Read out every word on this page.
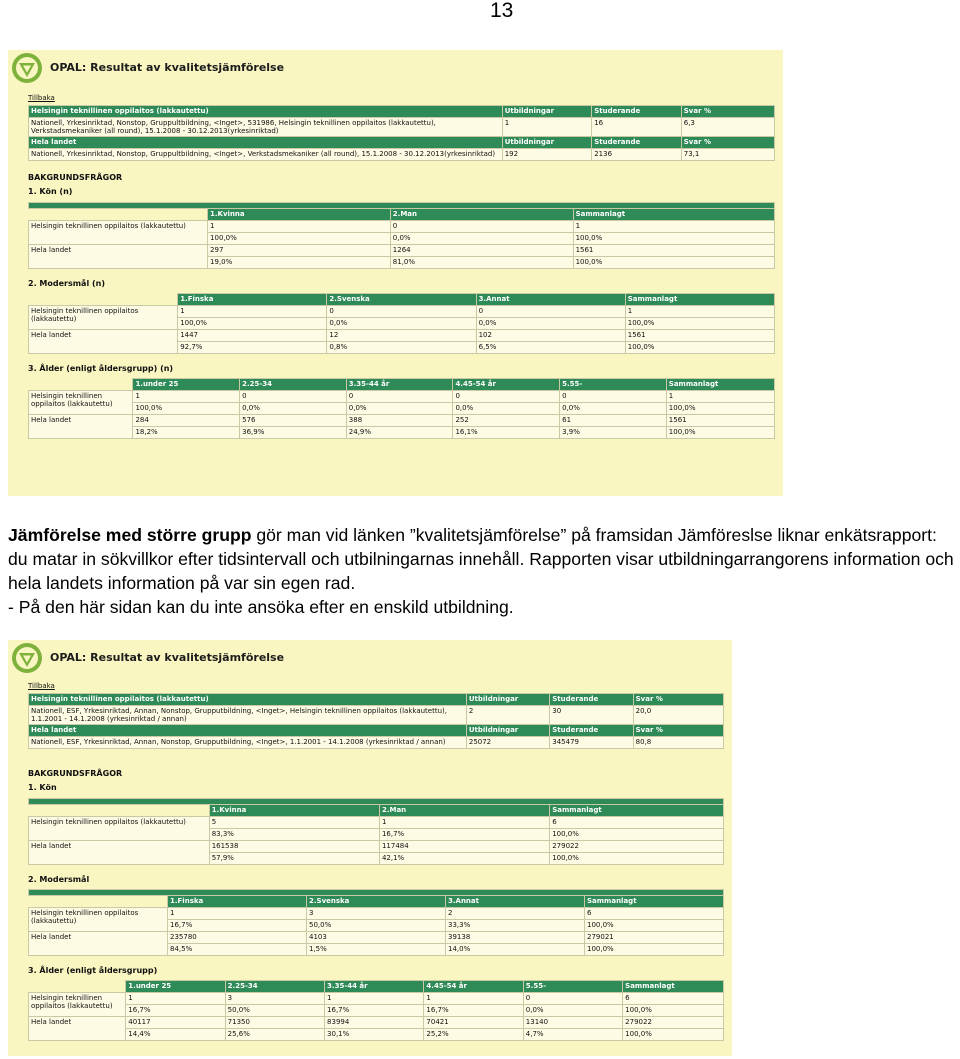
13
OPAL: Resultat av kvalitetsjämförelse
Tillbaka
Helsingin teknillinen oppilaitos (lakkautettu)	Utbildningar	Studerande	Svar %
Nationell, Yrkesinriktad, Nonstop, Gruppultbildning, <Inget>, 531986, Helsingin teknillinen oppilaitos (lakkautettu), Verkstadsmekaniker (all round), 15.1.2008 - 30.12.2013(yrkesinriktad)	1	16	6,3
Hela landet	Utbildningar	Studerande	Svar %
Nationell, Yrkesinriktad, Nonstop, Gruppultbildning, <Inget>, Verkstadsmekaniker (all round), 15.1.2008 - 30.12.2013(yrkesinriktad)	192	2136	73,1
BAKGRUNDSFRÅGOR
1. Kön (n)

	1.Kvinna	2.Man	Sammanlagt
Helsingin teknillinen oppilaitos (lakkautettu)	1	0	1
	100,0%	0,0%	100,0%
Hela landet	297	1264	1561
	19,0%	81,0%	100,0%
2. Modersmål (n)
	1.Finska	2.Svenska	3.Annat	Sammanlagt
Helsingin teknillinen oppilaitos (lakkautettu)	1	0	0	1
	100,0%	0,0%	0,0%	100,0%
Hela landet	1447	12	102	1561
	92,7%	0,8%	6,5%	100,0%
3. Ålder (enligt åldersgrupp) (n)
	1.under 25	2.25-34	3.35-44 år	4.45-54 år	5.55-	Sammanlagt
Helsingin teknillinen oppilaitos (lakkautettu)	1	0	0	0	0	1
	100,0%	0,0%	0,0%	0,0%	0,0%	100,0%
Hela landet	284	576	388	252	61	1561
	18,2%	36,9%	24,9%	16,1%	3,9%	100,0%

Jämförelse med större grupp gör man vid länken ”kvalitetsjämförelse” på framsidan Jämföreslse liknar enkätsrapport: du matar in sökvillkor efter tidsintervall och utbilningarnas innehåll. Rapporten visar utbildningarrangorens information och hela landets information på var sin egen rad.
- På den här sidan kan du inte ansöka efter en enskild utbildning.

OPAL: Resultat av kvalitetsjämförelse
Tillbaka
Helsingin teknillinen oppilaitos (lakkautettu)	Utbildningar	Studerande	Svar %
Nationell, ESF, Yrkesinriktad, Annan, Nonstop, Grupputbildning, <Inget>, Helsingin teknillinen oppilaitos (lakkautettu), 1.1.2001 - 14.1.2008 (yrkesinriktad / annan)	2	30	20,0
Hela landet	Utbildningar	Studerande	Svar %
Nationell, ESF, Yrkesinriktad, Annan, Nonstop, Grupputbildning, <Inget>, 1.1.2001 - 14.1.2008 (yrkesinriktad / annan)	25072	345479	80,8
BAKGRUNDSFRÅGOR
1. Kön

	1.Kvinna	2.Man	Sammanlagt
Helsingin teknillinen oppilaitos (lakkautettu)	5	1	6
	83,3%	16,7%	100,0%
Hela landet	161538	117484	279022
	57,9%	42,1%	100,0%
2. Modersmål

	1.Finska	2.Svenska	3.Annat	Sammanlagt
Helsingin teknillinen oppilaitos (lakkautettu)	1	3	2	6
	16,7%	50,0%	33,3%	100,0%
Hela landet	235780	4103	39138	279021
	84,5%	1,5%	14,0%	100,0%
3. Ålder (enligt åldersgrupp)
	1.under 25	2.25-34	3.35-44 år	4.45-54 år	5.55-	Sammanlagt
Helsingin teknillinen oppilaitos (lakkautettu)	1	3	1	1	0	6
	16,7%	50,0%	16,7%	16,7%	0,0%	100,0%
Hela landet	40117	71350	83994	70421	13140	279022
	14,4%	25,6%	30,1%	25,2%	4,7%	100,0%
